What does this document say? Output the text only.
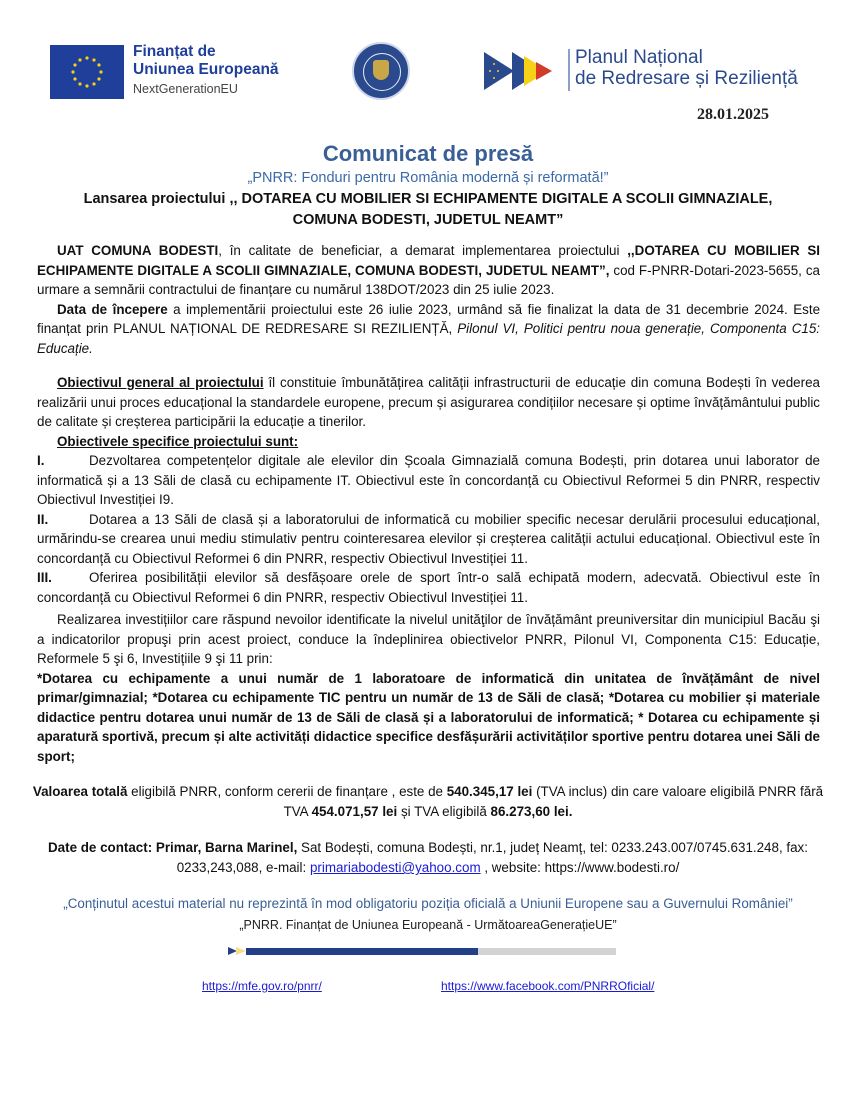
Finanțat de
Uniunea Europeană
NextGenerationEU
Planul Național
de Redresare și Reziliență
28.01.2025
Comunicat de presă
„PNRR: Fonduri pentru România modernă și reformată!”
Lansarea proiectului ,, DOTAREA CU MOBILIER SI ECHIPAMENTE DIGITALE A SCOLII GIMNAZIALE,
COMUNA BODESTI, JUDETUL NEAMT”
UAT COMUNA BODESTI, în calitate de beneficiar, a demarat implementarea proiectului ,,DOTAREA CU MOBILIER SI ECHIPAMENTE DIGITALE A SCOLII GIMNAZIALE, COMUNA BODESTI, JUDETUL NEAMT”, cod F-PNRR-Dotari-2023-5655, ca urmare a semnării contractului de finanțare cu numărul 138DOT/2023 din 25 iulie 2023.
Data de începere a implementării proiectului este 26 iulie 2023, urmând să fie finalizat la data de 31 decembrie 2024. Este finanțat prin PLANUL NAȚIONAL DE REDRESARE SI REZILIENȚĂ, Pilonul VI, Politici pentru noua generație, Componenta C15: Educație.
Obiectivul general al proiectului îl constituie îmbunătățirea calității infrastructurii de educație din comuna Bodești în vederea realizării unui proces educațional la standardele europene, precum și asigurarea condițiilor necesare și optime învățământului public de calitate și creșterea participării la educație a tinerilor.
Obiectivele specifice proiectului sunt:
I.	Dezvoltarea competențelor digitale ale elevilor din Școala Gimnazială comuna Bodești, prin dotarea unui laborator de informatică și a 13 Săli de clasă cu echipamente IT. Obiectivul este în concordanță cu Obiectivul Reformei 5 din PNRR, respectiv Obiectivul Investiției I9.
II.	Dotarea a 13 Săli de clasă și a laboratorului de informatică cu mobilier specific necesar derulării procesului educațional, urmărindu-se crearea unui mediu stimulativ pentru cointeresarea elevilor și creșterea calității actului educațional. Obiectivul este în concordanță cu Obiectivul Reformei 6 din PNRR, respectiv Obiectivul Investiției 11.
III.	Oferirea posibilității elevilor să desfășoare orele de sport într-o sală echipată modern, adecvată. Obiectivul este în concordanță cu Obiectivul Reformei 6 din PNRR, respectiv Obiectivul Investiției 11.
Realizarea investițiilor care răspund nevoilor identificate la nivelul unităţilor de învățământ preuniversitar din municipiul Bacău şi a indicatorilor propuşi prin acest proiect, conduce la îndeplinirea obiectivelor PNRR, Pilonul VI, Componenta C15: Educație, Reformele 5 şi 6, Investițiile 9 şi 11 prin:
*Dotarea cu echipamente a unui număr de 1 laboratoare de informatică din unitatea de învățământ de nivel primar/gimnazial; *Dotarea cu echipamente TIC pentru un număr de 13 de Săli de clasă; *Dotarea cu mobilier și materiale didactice pentru dotarea unui număr de 13 de Săli de clasă și a laboratorului de informatică; * Dotarea cu echipamente și aparatură sportivă, precum și alte activități didactice specifice desfășurării activităților sportive pentru dotarea unei Săli de sport;
Valoarea totală eligibilă PNRR, conform cererii de finanțare , este de 540.345,17 lei (TVA inclus) din care valoare eligibilă PNRR fără TVA 454.071,57 lei și TVA eligibilă 86.273,60 lei.
Date de contact: Primar, Barna Marinel, Sat Bodești, comuna Bodești, nr.1, județ Neamț, tel: 0233.243.007/0745.631.248, fax: 0233,243,088, e-mail: primariabodesti@yahoo.com , website: https://www.bodesti.ro/
„Conținutul acestui material nu reprezintă în mod obligatoriu poziția oficială a Uniunii Europene sau a Guvernului României”
„PNRR. Finanțat de Uniunea Europeană - UrmătoareaGenerațieUE”
https://mfe.gov.ro/pnrr/	https://www.facebook.com/PNRROficial/
